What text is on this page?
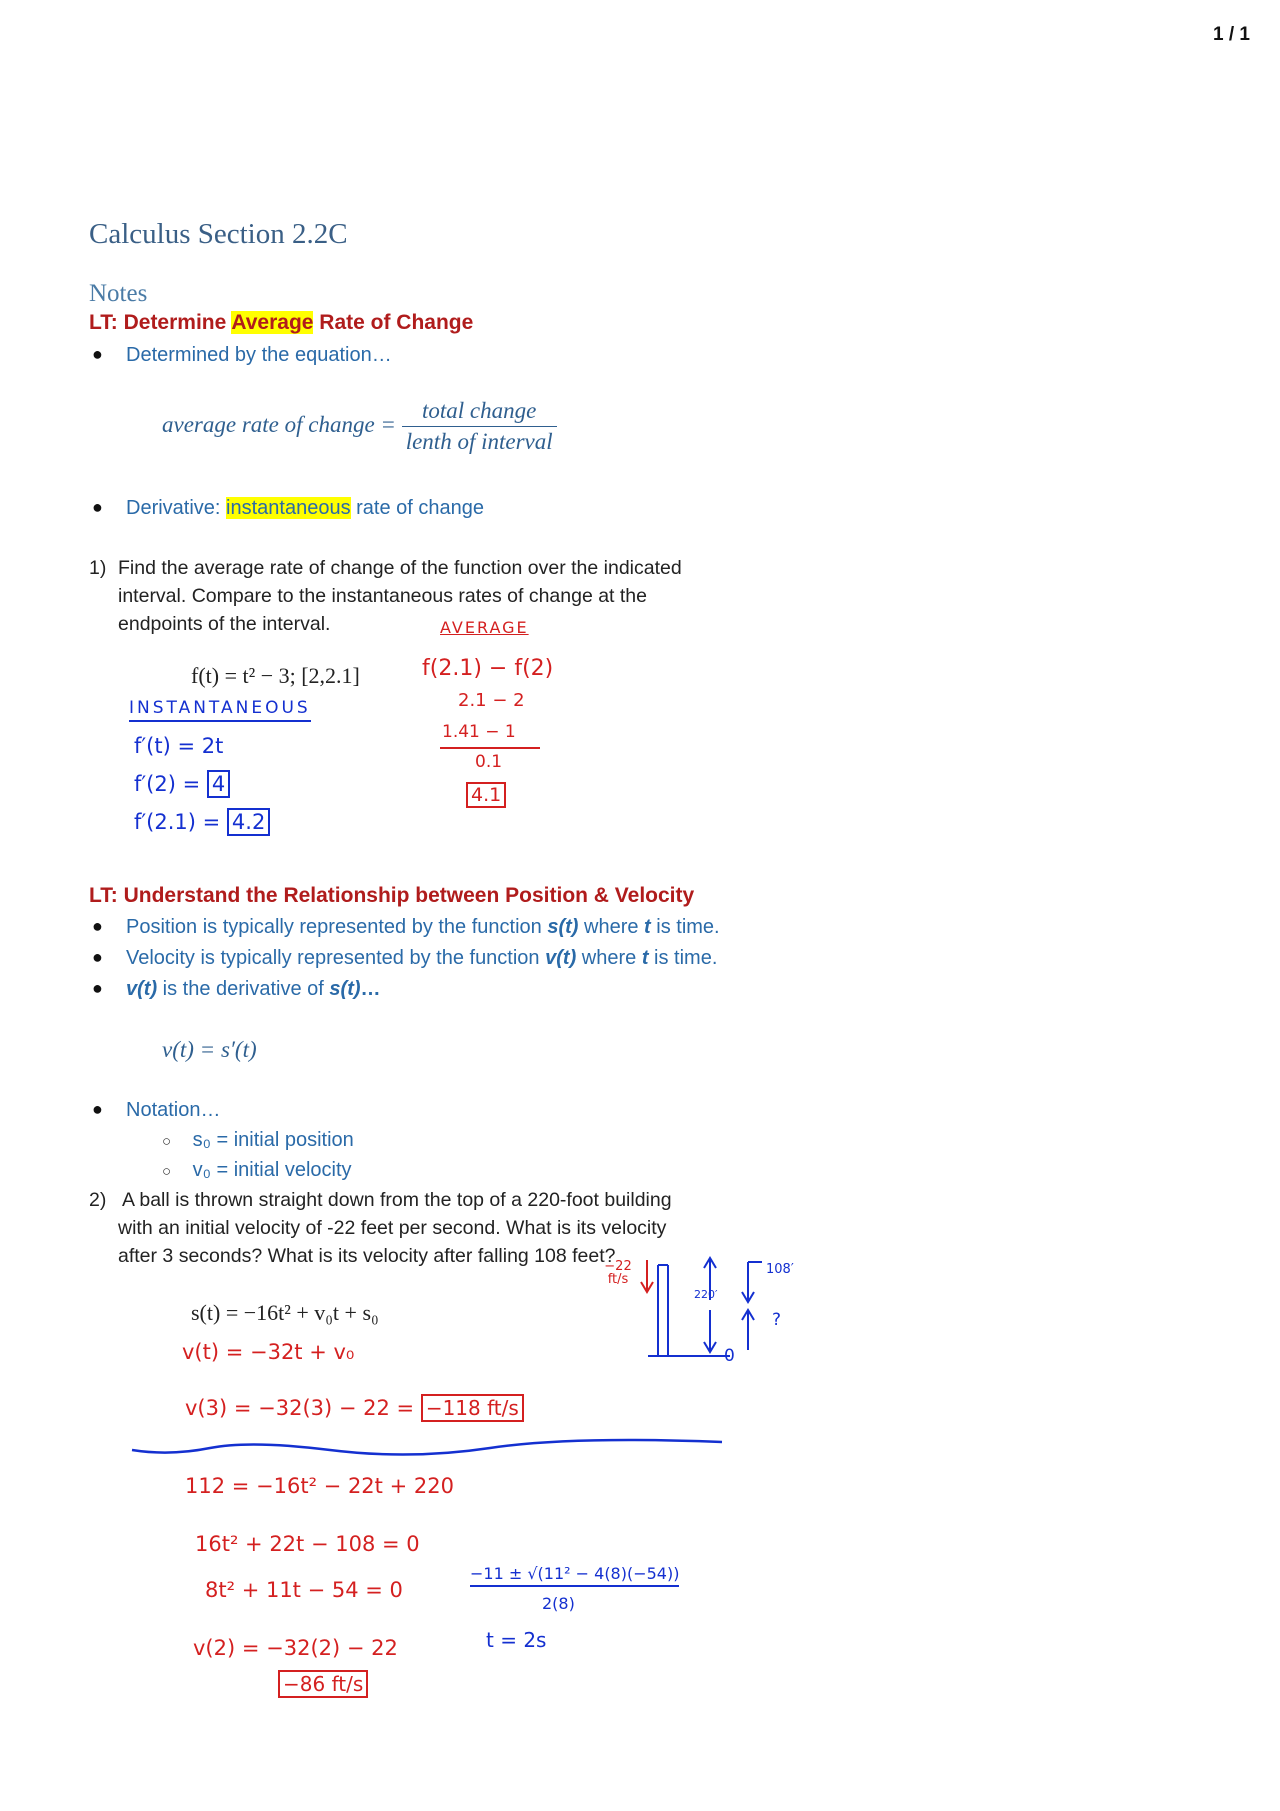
1 / 1
Calculus Section 2.2C
Notes
LT: Determine Average Rate of Change
● Determined by the equation…
average rate of change = $\frac{\text{total change}}{\text{lenth of interval}}$
● Derivative: instantaneous rate of change
1) Find the average rate of change of the function over the indicated
interval. Compare to the instantaneous rates of change at the
endpoints of the interval.
f(t) = t² − 3; [2,2.1]
AVERAGE
f(2.1) − f(2)
2.1 − 2
1.41 − 1
0.1
4.1
INSTANTANEOUS
f′(t) = 2t
f′(2) = 4
f′(2.1) = 4.2
LT: Understand the Relationship between Position & Velocity
● Position is typically represented by the function s(t) where t is time.
● Velocity is typically represented by the function v(t) where t is time.
● v(t) is the derivative of s(t)…
v(t) = s′(t)
● Notation…
○ s₀ = initial position
○ v₀ = initial velocity
2) A ball is thrown straight down from the top of a 220-foot building
with an initial velocity of -22 feet per second. What is its velocity
after 3 seconds? What is its velocity after falling 108 feet?
s(t) = −16t² + v₀t + s₀
−22 ft/s
220′
108′
?
0
v(t) = −32t + v₀
v(3) = −32(3) − 22 = −118 ft/s
112 = −16t² − 22t + 220
16t² + 22t − 108 = 0
8t² + 11t − 54 = 0
−11 ± √(11² − 4(8)(−54))
2(8)
t = 2s
v(2) = −32(2) − 22
−86 ft/s
